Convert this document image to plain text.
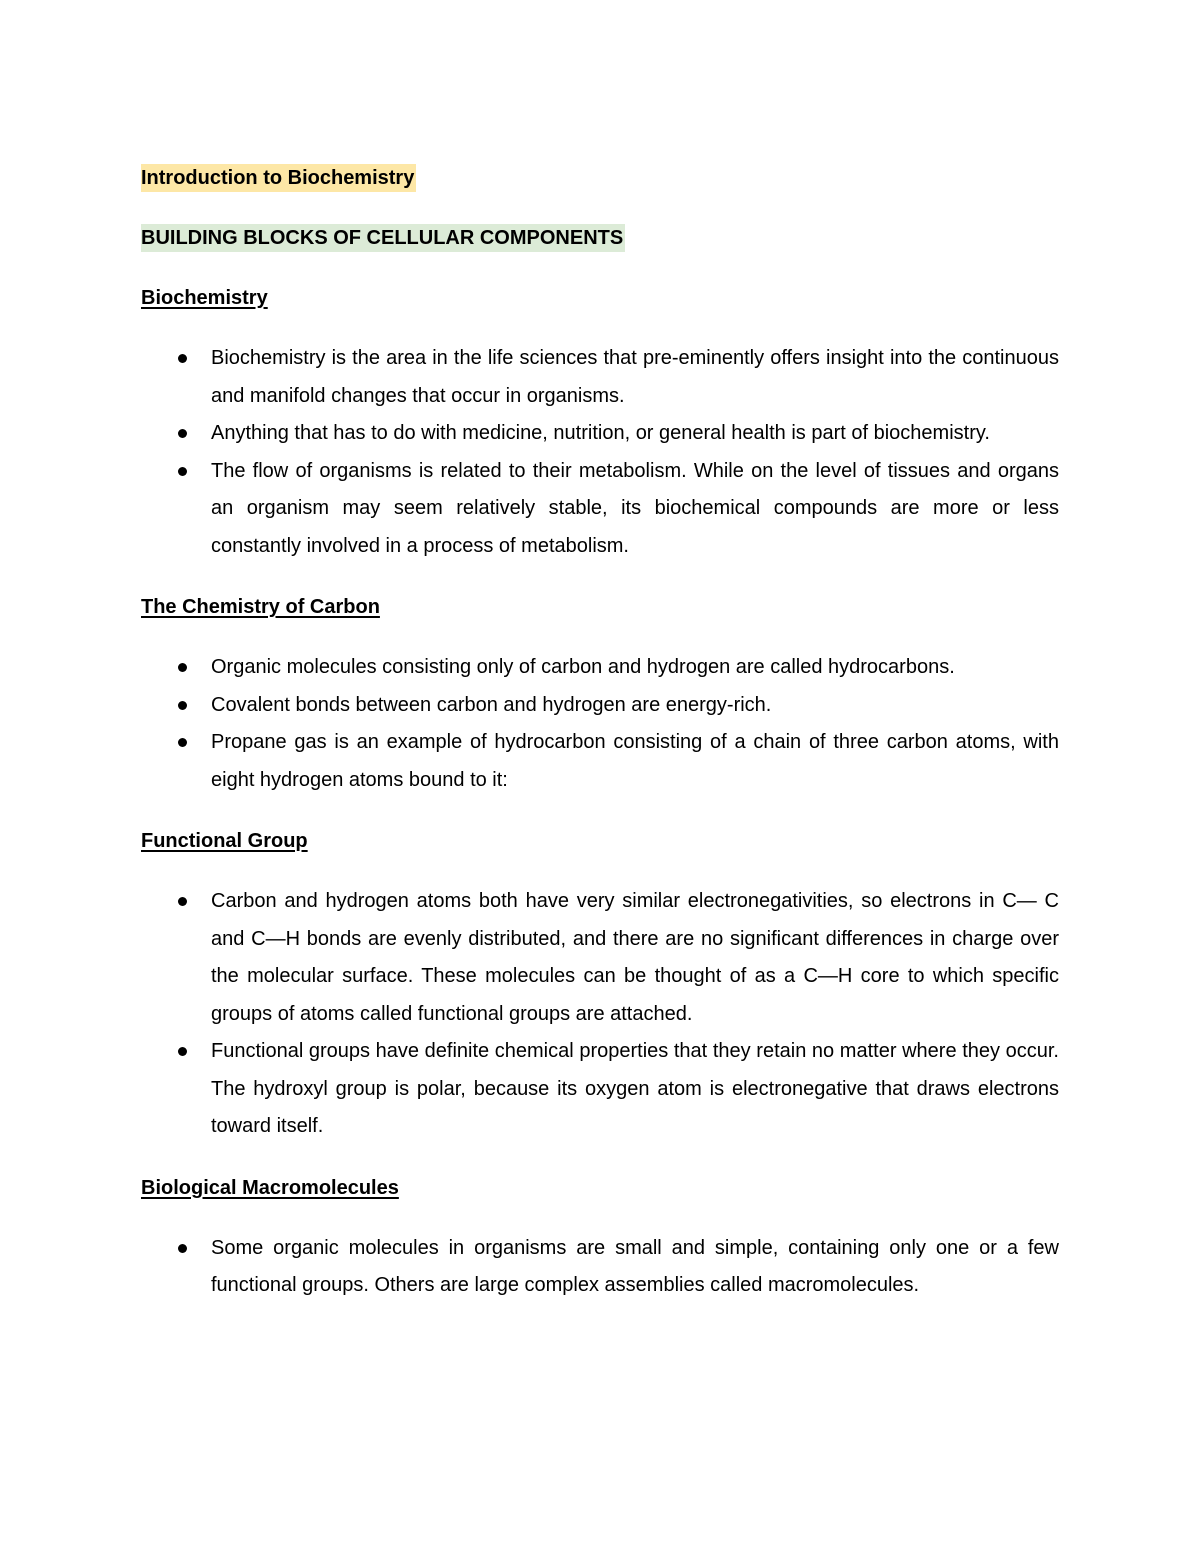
Introduction to Biochemistry
BUILDING BLOCKS OF CELLULAR COMPONENTS
Biochemistry
Biochemistry is the area in the life sciences that pre-eminently offers insight into the continuous and manifold changes that occur in organisms.
Anything that has to do with medicine, nutrition, or general health is part of biochemistry.
The flow of organisms is related to their metabolism. While on the level of tissues and organs an organism may seem relatively stable, its biochemical compounds are more or less constantly involved in a process of metabolism.
The Chemistry of Carbon
Organic molecules consisting only of carbon and hydrogen are called hydrocarbons.
Covalent bonds between carbon and hydrogen are energy-rich.
Propane gas is an example of hydrocarbon consisting of a chain of three carbon atoms, with eight hydrogen atoms bound to it:
Functional Group
Carbon and hydrogen atoms both have very similar electronegativities, so electrons in C— C and C—H bonds are evenly distributed, and there are no significant differences in charge over the molecular surface. These molecules can be thought of as a C—H core to which specific groups of atoms called functional groups are attached.
Functional groups have definite chemical properties that they retain no matter where they occur. The hydroxyl group is polar, because its oxygen atom is electronegative that draws electrons toward itself.
Biological Macromolecules
Some organic molecules in organisms are small and simple, containing only one or a few functional groups. Others are large complex assemblies called macromolecules.
